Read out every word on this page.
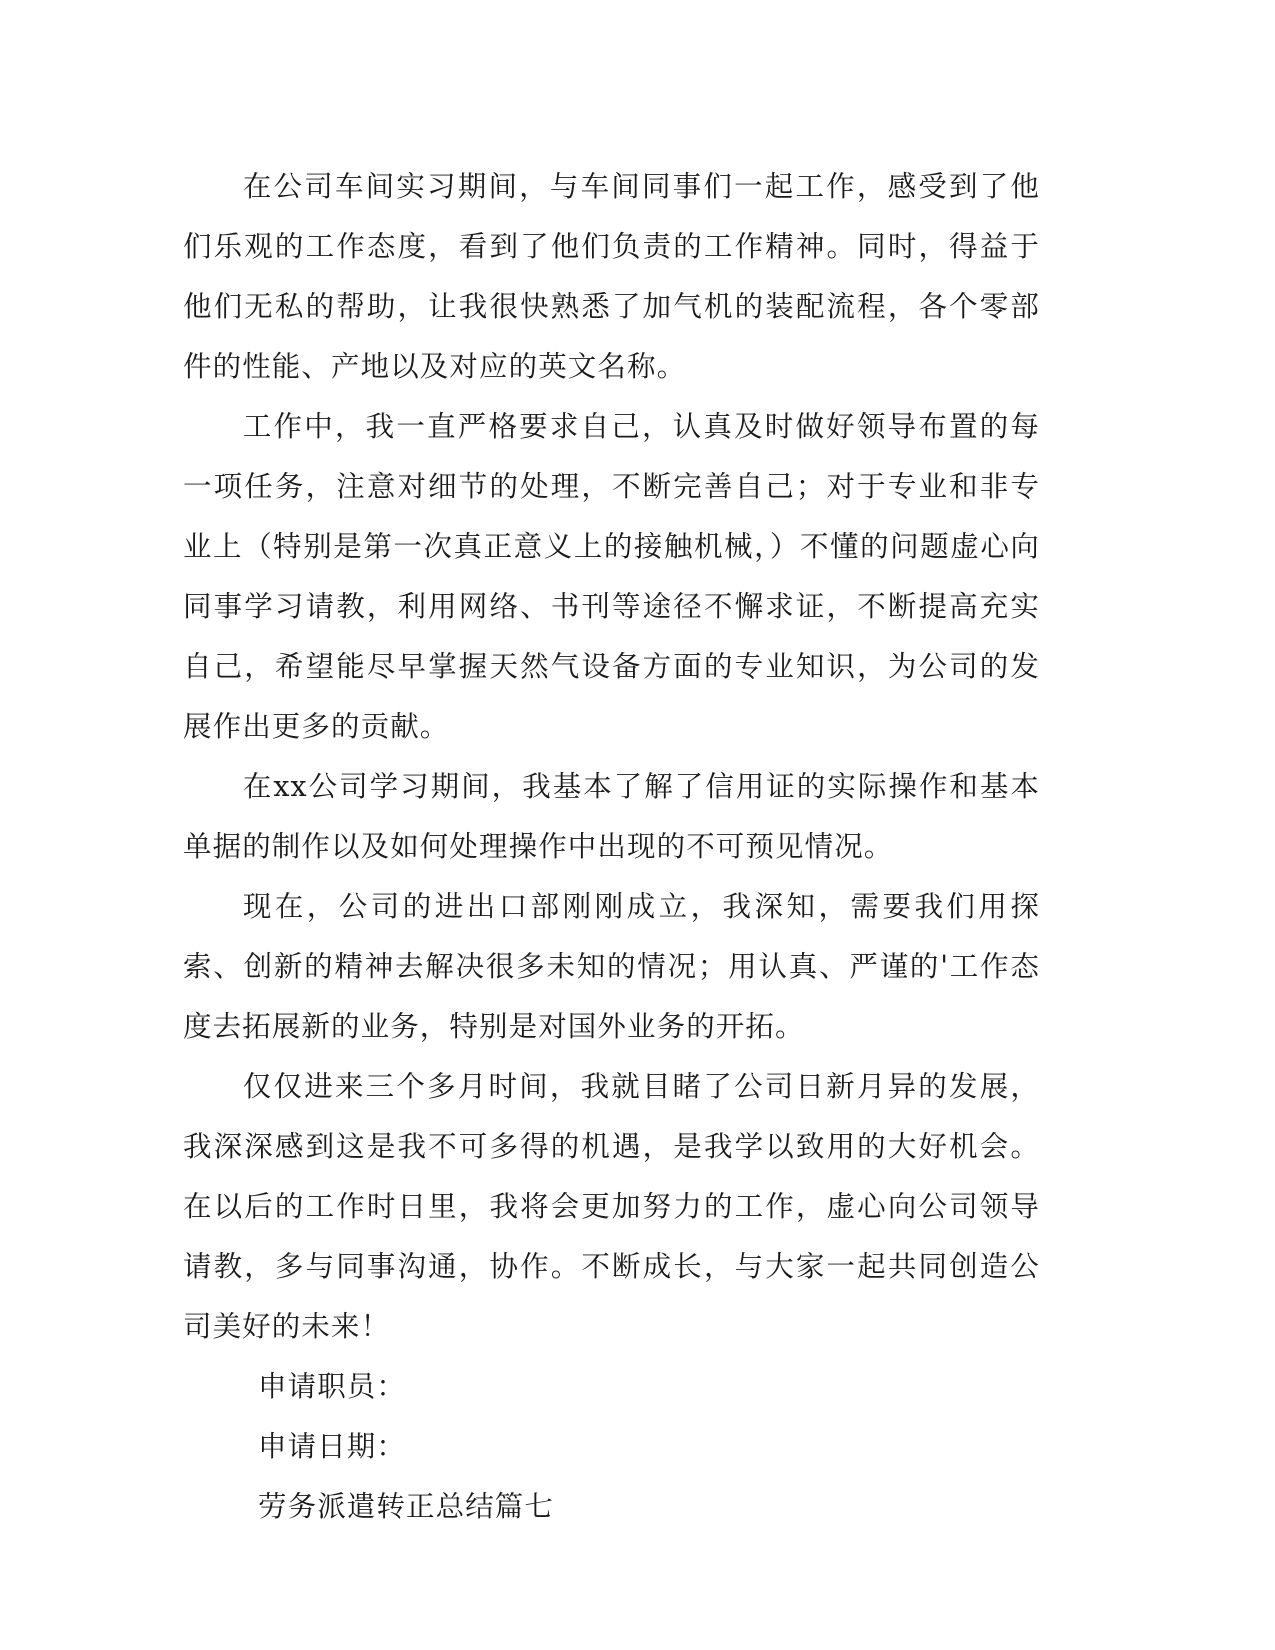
在公司车间实习期间，与车间同事们一起工作，感受到了他们乐观的工作态度，看到了他们负责的工作精神。同时，得益于他们无私的帮助，让我很快熟悉了加气机的装配流程，各个零部件的性能、产地以及对应的英文名称。

工作中，我一直严格要求自己，认真及时做好领导布置的每一项任务，注意对细节的处理，不断完善自己；对于专业和非专业上（特别是第一次真正意义上的接触机械，）不懂的问题虚心向同事学习请教，利用网络、书刊等途径不懈求证，不断提高充实自己，希望能尽早掌握天然气设备方面的专业知识，为公司的发展作出更多的贡献。

在xx公司学习期间，我基本了解了信用证的实际操作和基本单据的制作以及如何处理操作中出现的不可预见情况。

现在，公司的进出口部刚刚成立，我深知，需要我们用探索、创新的精神去解决很多未知的情况；用认真、严谨的'工作态度去拓展新的业务，特别是对国外业务的开拓。

仅仅进来三个多月时间，我就目睹了公司日新月异的发展，我深深感到这是我不可多得的机遇，是我学以致用的大好机会。在以后的工作时日里，我将会更加努力的工作，虚心向公司领导请教，多与同事沟通，协作。不断成长，与大家一起共同创造公司美好的未来！

申请职员：

申请日期：

劳务派遣转正总结篇七
